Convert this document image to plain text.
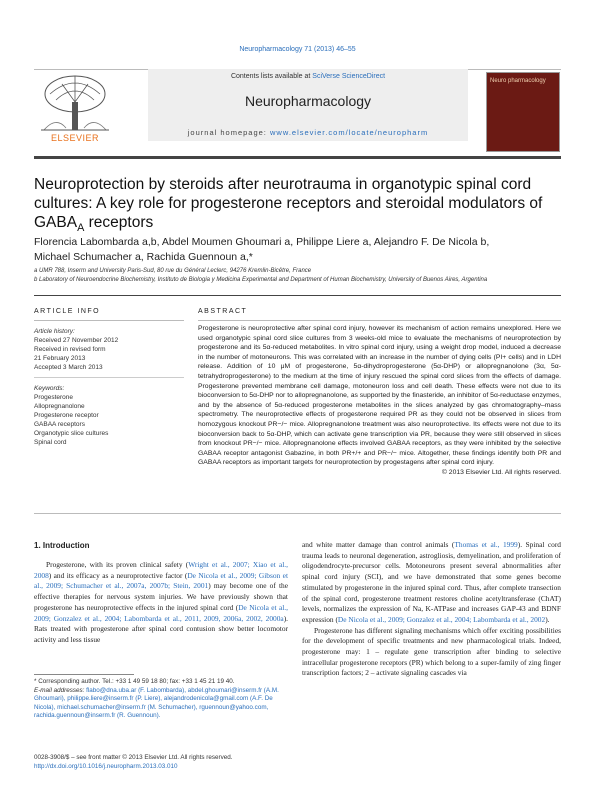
Neuropharmacology 71 (2013) 46–55
ELSEVIER
Contents lists available at SciVerse ScienceDirect
Neuropharmacology
journal homepage: www.elsevier.com/locate/neuropharm
Neuro pharmacology
Neuroprotection by steroids after neurotrauma in organotypic spinal cord cultures: A key role for progesterone receptors and steroidal modulators of $GABA_A$ receptors
Florencia Labombarda a,b, Abdel Moumen Ghoumari a, Philippe Liere a, Alejandro F. De Nicola b,
Michael Schumacher a, Rachida Guennoun a,*
a UMR 788, Inserm and University Paris-Sud, 80 rue du Général Leclerc, 94276 Kremlin-Bicêtre, France
b Laboratory of Neuroendocrine Biochemistry, Instituto de Biologia y Medicina Experimental and Department of Human Biochemistry, University of Buenos Aires, Argentina
ARTICLE INFO
Article history:
Received 27 November 2012
Received in revised form
21 February 2013
Accepted 3 March 2013
Keywords:
Progesterone
Allopregnanolone
Progesterone receptor
GABAA receptors
Organotypic slice cultures
Spinal cord
ABSTRACT
Progesterone is neuroprotective after spinal cord injury, however its mechanism of action remains unexplored. Here we used organotypic spinal cord slice cultures from 3 weeks-old mice to evaluate the mechanisms of neuroprotection by progesterone and its 5α-reduced metabolites. In vitro spinal cord injury, using a weight drop model, induced a decrease in the number of motoneurons. This was correlated with an increase in the number of dying cells (PI+ cells) and in LDH release. Addition of 10 μM of progesterone, 5α-dihydroprogesterone (5α-DHP) or allopregnanolone (3α, 5α-tetrahydroprogesterone) to the medium at the time of injury rescued the spinal cord slices from the effects of damage. Progesterone prevented membrane cell damage, motoneuron loss and cell death. These effects were not due to its bioconversion to 5α-DHP nor to allopregnanolone, as supported by the finasteride, an inhibitor of 5α-reductase enzymes, and by the absence of 5α-reduced progesterone metabolites in the slices analyzed by gas chromatography–mass spectrometry. The neuroprotective effects of progesterone required PR as they could not be observed in slices from homozygous knockout PR−/− mice. Allopregnanolone treatment was also neuroprotective. Its effects were not due to its bioconversion back to 5α-DHP, which can activate gene transcription via PR, because they were still observed in slices from knockout PR−/− mice. Allopregnanolone effects involved GABAA receptors, as they were inhibited by the selective GABAA receptor antagonist Gabazine, in both PR+/+ and PR−/− mice. Altogether, these findings identify both PR and GABAA receptors as important targets for neuroprotection by progestagens after spinal cord injury.
© 2013 Elsevier Ltd. All rights reserved.
1. Introduction
Progesterone, with its proven clinical safety (Wright et al., 2007; Xiao et al., 2008) and its efficacy as a neuroprotective factor (De Nicola et al., 2009; Gibson et al., 2009; Schumacher et al., 2007a, 2007b; Stein, 2001) may become one of the effective therapies for nervous system injuries. We have previously shown that progesterone has neuroprotective effects in the injured spinal cord (De Nicola et al., 2009; Gonzalez et al., 2004; Labombarda et al., 2011, 2009, 2006a, 2002, 2000a). Rats treated with progesterone after spinal cord contusion show better locomotor activity and less tissue
and white matter damage than control animals (Thomas et al., 1999). Spinal cord trauma leads to neuronal degeneration, astrogliosis, demyelination, and proliferation of oligodendrocyte-precursor cells. Motoneurons present several abnormalities after spinal cord injury (SCI), and we have demonstrated that some genes become stimulated by progesterone in the injured spinal cord. Thus, after complete transection of the spinal cord, progesterone treatment restores choline acetyltransferase (ChAT) levels, normalizes the expression of Na, K-ATPase and increases GAP-43 and BDNF expression (De Nicola et al., 2009; Gonzalez et al., 2004; Labombarda et al., 2002).
Progesterone has different signaling mechanisms which offer exciting possibilities for the development of specific treatments and new pharmacological trials. Indeed, progesterone may: 1 – regulate gene transcription after binding to selective intracellular progesterone receptors (PR) which belong to a super-family of zing finger transcription factors; 2 – activate signaling cascades via
* Corresponding author. Tel.: +33 1 49 59 18 80; fax: +33 1 45 21 19 40.
E-mail addresses: flabo@dna.uba.ar (F. Labombarda), abdel.ghoumari@inserm.fr (A.M. Ghoumari), philippe.liere@inserm.fr (P. Liere), alejandrodenicola@gmail.com (A.F. De Nicola), michael.schumacher@inserm.fr (M. Schumacher), rguennoun@yahoo.com, rachida.guennoun@inserm.fr (R. Guennoun).
0028-3908/$ – see front matter © 2013 Elsevier Ltd. All rights reserved.
http://dx.doi.org/10.1016/j.neuropharm.2013.03.010
